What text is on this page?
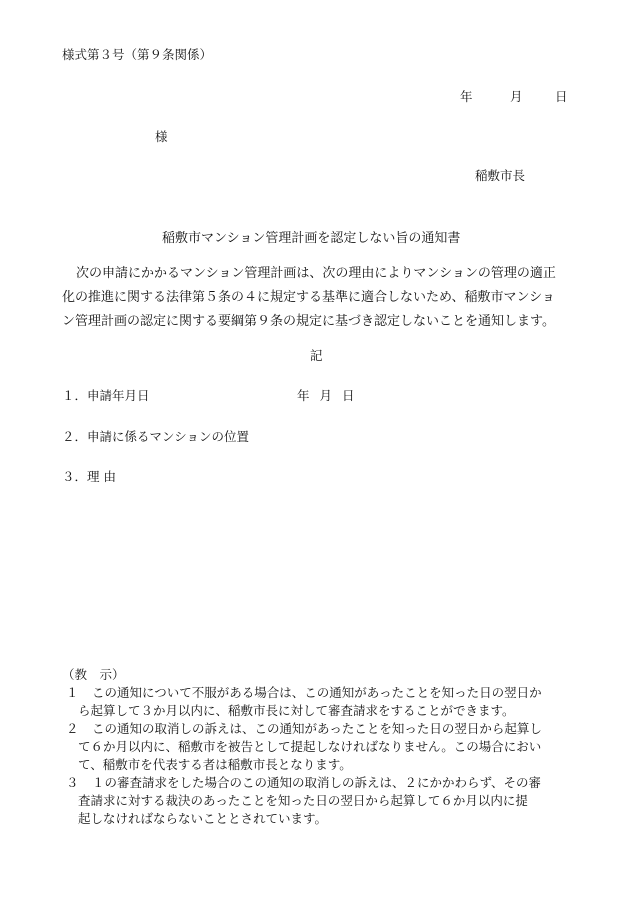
様式第３号（第９条関係）
年	月	日
様
稲敷市長
稲敷市マンション管理計画を認定しない旨の通知書
次の申請にかかるマンション管理計画は、次の理由によりマンションの管理の適正
化の推進に関する法律第５条の４に規定する基準に適合しないため、稲敷市マンショ
ン管理計画の認定に関する要綱第９条の規定に基づき認定しないことを通知します。
記
１．申請年月日	年 月 日
２．申請に係るマンションの位置
３．理 由
（教　示）
１ この通知について不服がある場合は、この通知があったことを知った日の翌日か
ら起算して３か月以内に、稲敷市長に対して審査請求をすることができます。
２ この通知の取消しの訴えは、この通知があったことを知った日の翌日から起算し
て６か月以内に、稲敷市を被告として提起しなければなりません。この場合におい
て、稲敷市を代表する者は稲敷市長となります。
３ １の審査請求をした場合のこの通知の取消しの訴えは、２にかかわらず、その審
査請求に対する裁決のあったことを知った日の翌日から起算して６か月以内に提
起しなければならないこととされています。
